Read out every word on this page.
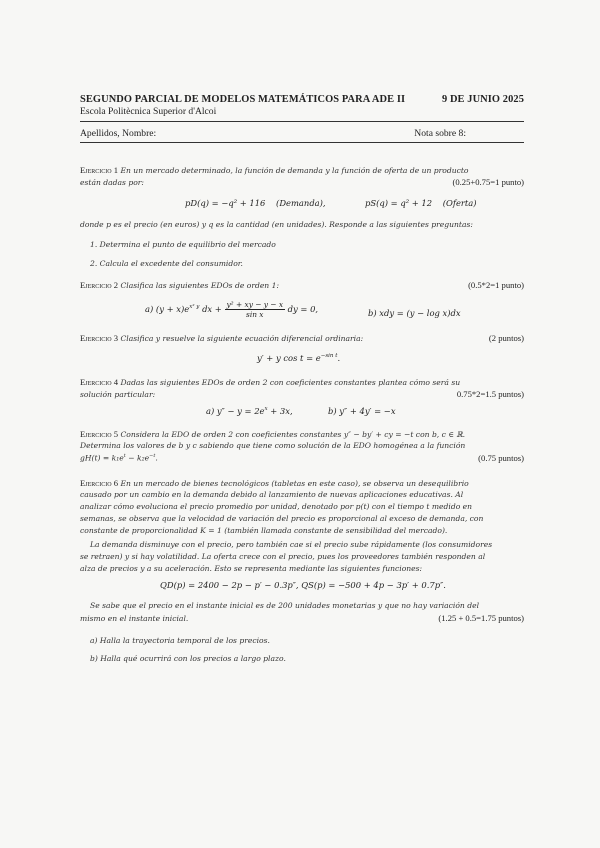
SEGUNDO PARCIAL DE MODELOS MATEMÁTICOS PARA ADE II	9 DE JUNIO 2025
Escola Politècnica Superior d'Alcoi
Apellidos, Nombre:	Nota sobre 8:
Ejercicio 1 En un mercado determinado, la función de demanda y la función de oferta de un producto
están dadas por:	(0.25+0.75=1 punto)
pD(q) = −q² + 116 (Demanda),	pS(q) = q² + 12 (Oferta)
donde p es el precio (en euros) y q es la cantidad (en unidades). Responde a las siguientes preguntas:
1. Determina el punto de equilibrio del mercado
2. Calcula el excedente del consumidor.
Ejercicio 2 Clasifica las siguientes EDOs de orden 1:	(0.5*2=1 punto)
a) $(y + x)e^{x^2 y}$ dx + $\frac{\text{y² + xy − y − x}}{\text{sin x}}$ dy = 0,	b) xdy = (y − log x)dx
Ejercicio 3 Clasifica y resuelve la siguiente ecuación diferencial ordinaria:	(2 puntos)
y′ + y $\cos t = e^{-sin t}$.
Ejercicio 4 Dadas las siguientes EDOs de orden 2 con coeficientes constantes plantea cómo será su
solución particular:	0.75*2=1.5 puntos)
a) $y'' - y = 2e^x + 3x$,	b) y″ + 4y′ = −x
Ejercicio 5 Considera la EDO de orden 2 con coeficientes constantes y″ − by′ + cy = −t con b, c ∈ ℝ.
Determina los valores de b y c sabiendo que tiene como solución de la EDO homogénea a la función
$gH(t) = k_1e^t - k_2e^{-t}$.	(0.75 puntos)
Ejercicio 6 En un mercado de bienes tecnológicos (tabletas en este caso), se observa un desequilibrio
causado por un cambio en la demanda debido al lanzamiento de nuevas aplicaciones educativas. Al
analizar cómo evoluciona el precio promedio por unidad, denotado por p(t) con el tiempo t medido en
semanas, se observa que la velocidad de variación del precio es proporcional al exceso de demanda, con
constante de proporcionalidad K = 1 (también llamada constante de sensibilidad del mercado).
La demanda disminuye con el precio, pero también cae si el precio sube rápidamente (los consumidores
se retraen) y si hay volatilidad. La oferta crece con el precio, pues los proveedores también responden al
alza de precios y a su aceleración. Esto se representa mediante las siguientes funciones:
QD(p) = 2400 − 2p − p′ − 0.3p″, QS(p) = −500 + 4p − 3p′ + 0.7p″.
Se sabe que el precio en el instante inicial es de 200 unidades monetarias y que no hay variación del
mismo en el instante inicial.	(1.25 + 0.5=1.75 puntos)
a) Halla la trayectoria temporal de los precios.
b) Halla qué ocurrirá con los precios a largo plazo.
